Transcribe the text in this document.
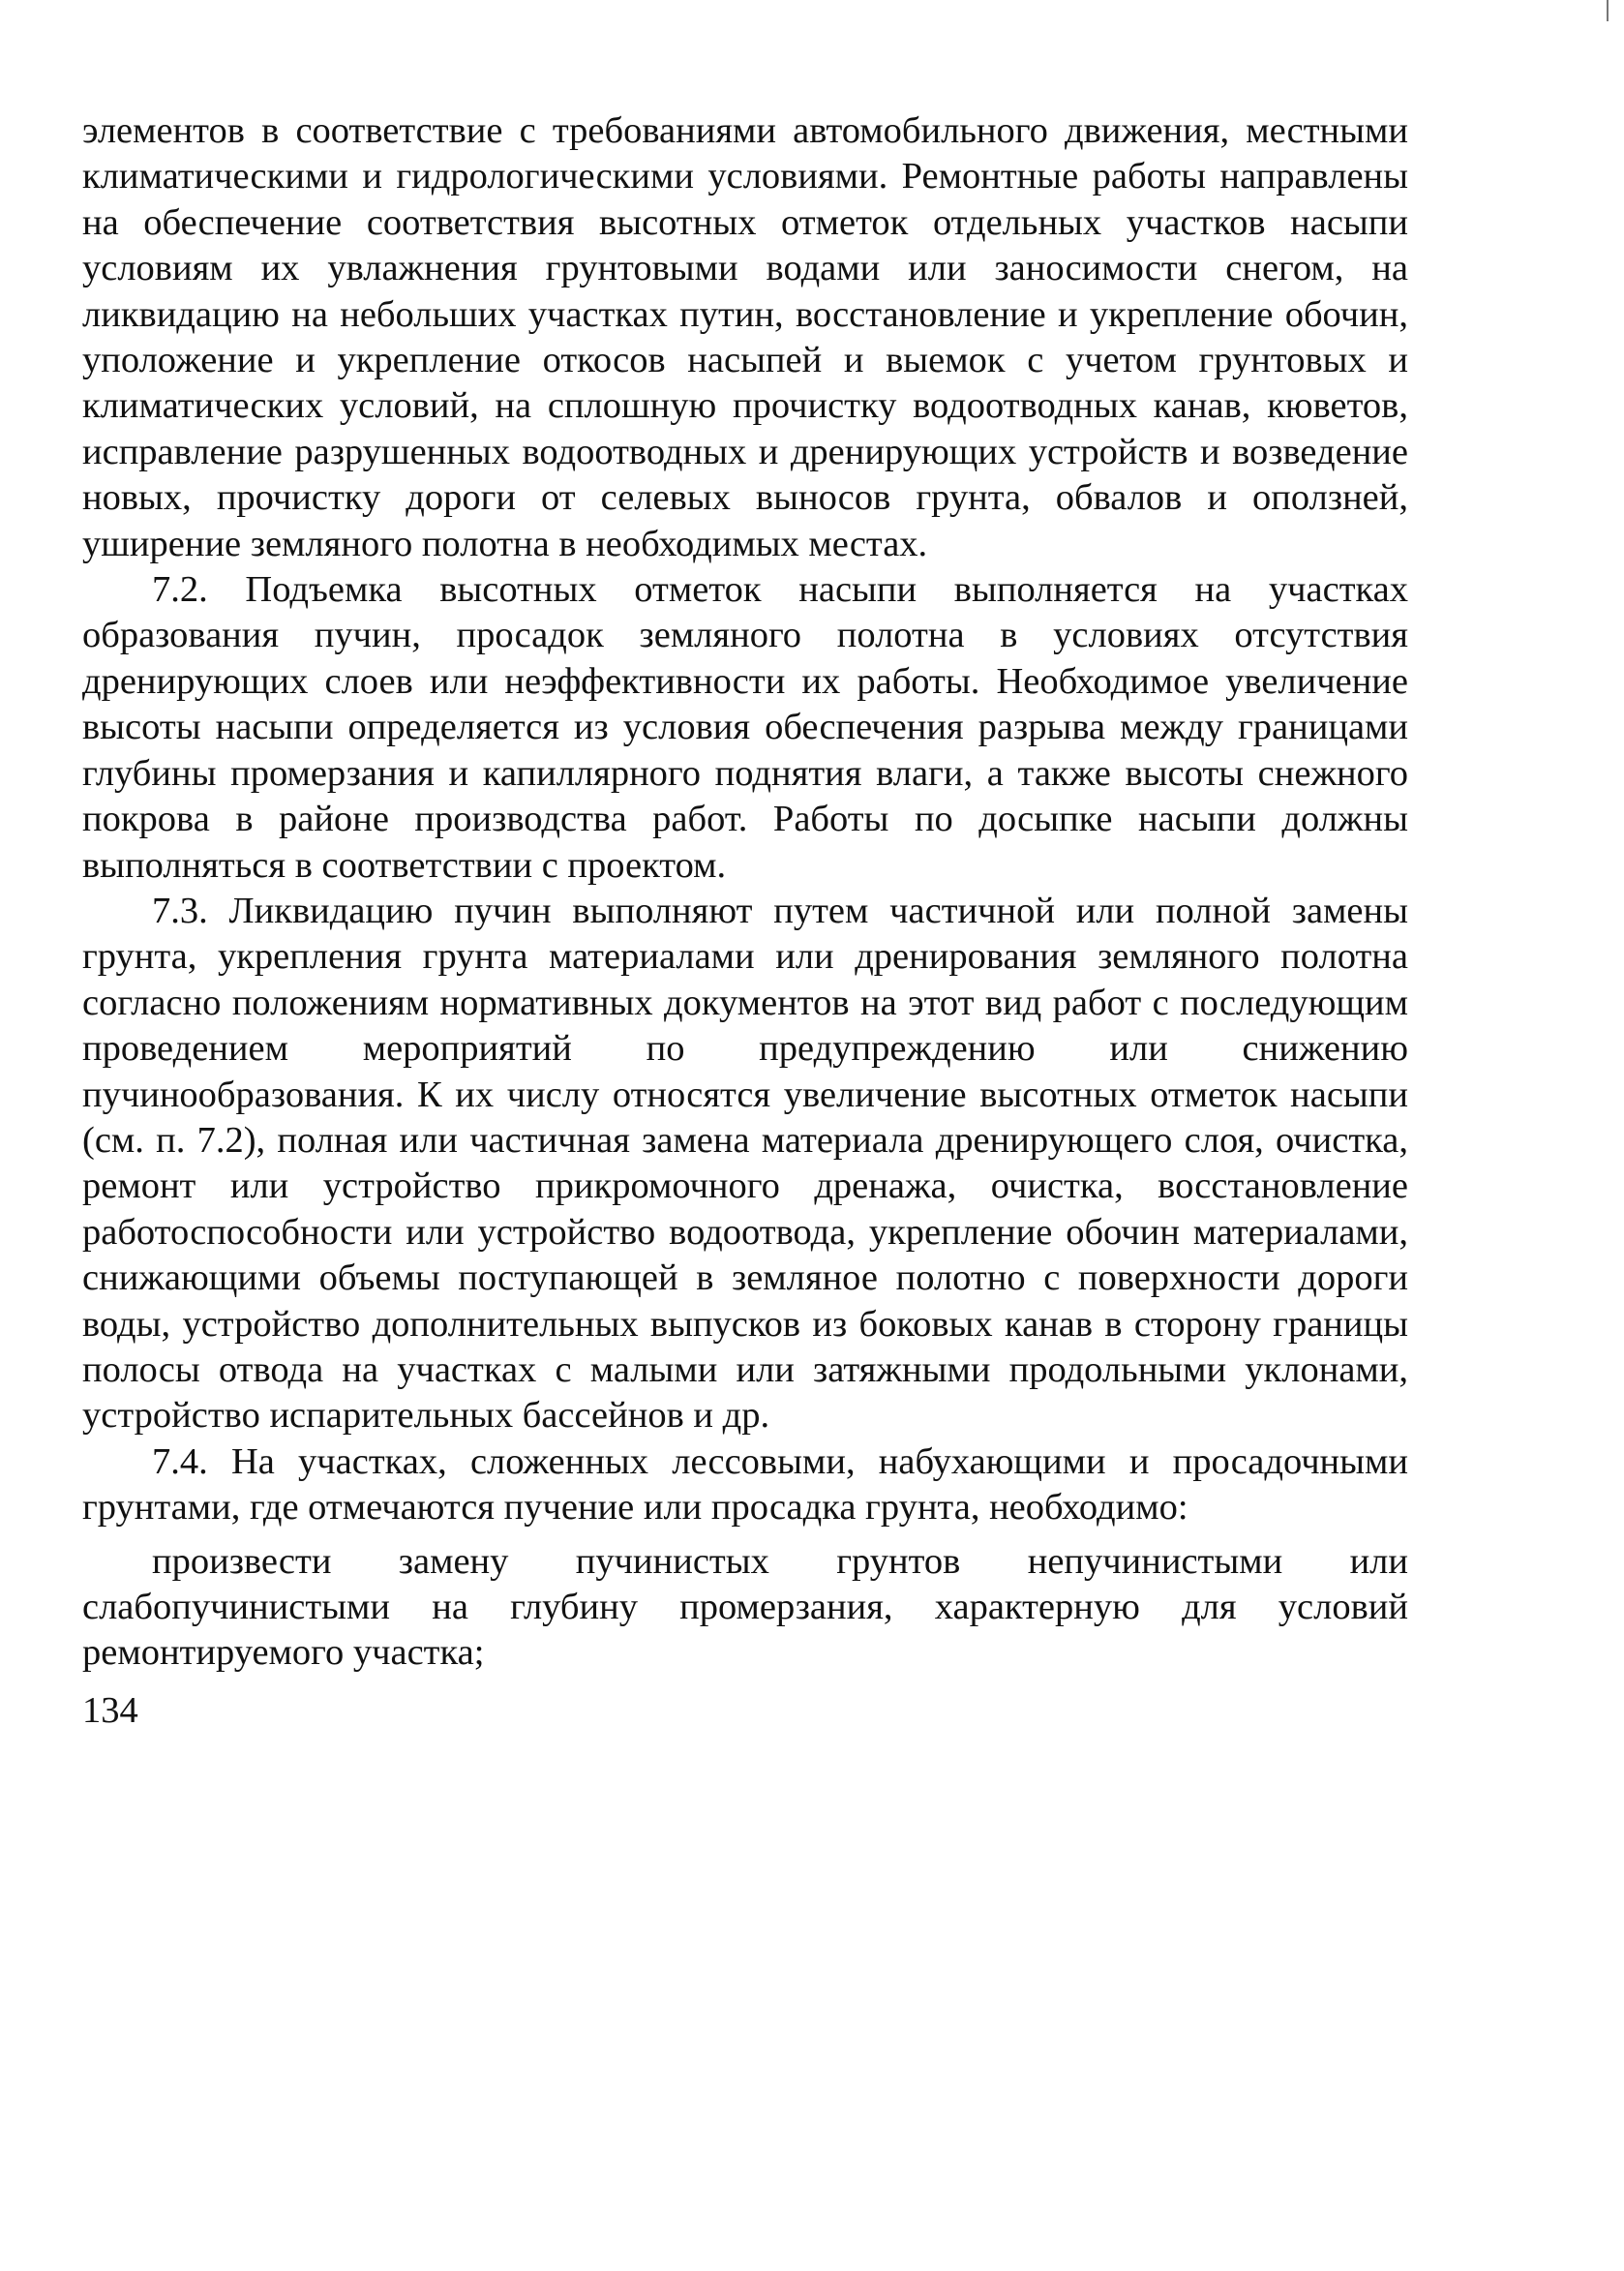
элементов в соответствие с требованиями автомобильного движения, местными климатическими и гидрологическими условиями. Ремонтные работы направлены на обеспечение соответствия высотных отметок отдельных участков насыпи условиям их увлажнения грунтовыми водами или заносимости снегом, на ликвидацию на небольших участках путин, восстановление и укрепление обочин, уположение и укрепление откосов насыпей и выемок с учетом грунтовых и климатических условий, на сплошную прочистку водоотводных канав, кюветов, исправление разрушенных водоотводных и дренирующих устройств и возведение новых, прочистку дороги от селевых выносов грунта, обвалов и оползней, уширение земляного полотна в необходимых местах.

7.2. Подъемка высотных отметок насыпи выполняется на участках образования пучин, просадок земляного полотна в условиях отсутствия дренирующих слоев или неэффективности их работы. Необходимое увеличение высоты насыпи определяется из условия обеспечения разрыва между границами глубины промерзания и капиллярного поднятия влаги, а также высоты снежного покрова в районе производства работ. Работы по досыпке насыпи должны выполняться в соответствии с проектом.

7.3. Ликвидацию пучин выполняют путем частичной или полной замены грунта, укрепления грунта материалами или дренирования земляного полотна согласно положениям нормативных документов на этот вид работ с последующим проведением мероприятий по предупреждению или снижению пучинообразования. К их числу относятся увеличение высотных отметок насыпи (см. п. 7.2), полная или частичная замена материала дренирующего слоя, очистка, ремонт или устройство прикромочного дренажа, очистка, восстановление работоспособности или устройство водоотвода, укрепление обочин материалами, снижающими объемы поступающей в земляное полотно с поверхности дороги воды, устройство дополнительных выпусков из боковых канав в сторону границы полосы отвода на участках с малыми или затяжными продольными уклонами, устройство испарительных бассейнов и др.

7.4. На участках, сложенных лессовыми, набухающими и просадочными грунтами, где отмечаются пучение или просадка грунта, необходимо:

произвести замену пучинистых грунтов непучинистыми или слабопучинистыми на глубину промерзания, характерную для условий ремонтируемого участка;

134
